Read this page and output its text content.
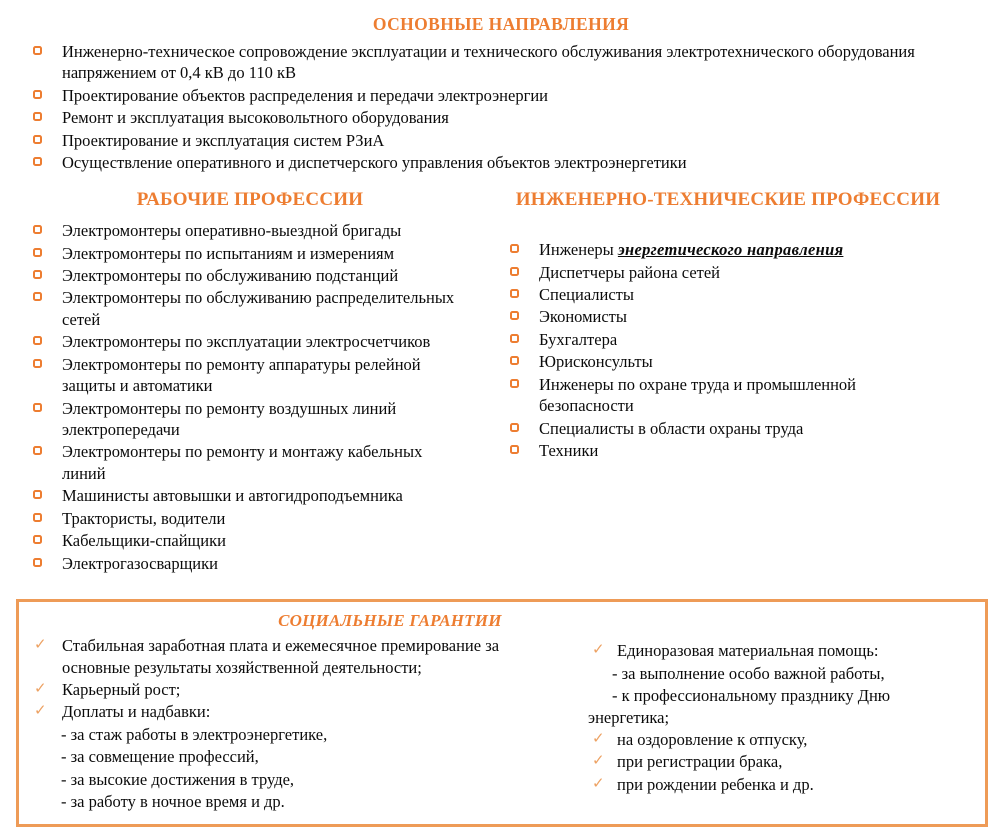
ОСНОВНЫЕ НАПРАВЛЕНИЯ
Инженерно-техническое сопровождение эксплуатации и технического обслуживания электротехнического оборудования напряжением от 0,4 кВ до 110 кВ
Проектирование объектов распределения и передачи электроэнергии
Ремонт и эксплуатация высоковольтного оборудования
Проектирование и эксплуатация систем РЗиА
Осуществление оперативного и диспетчерского управления объектов электроэнергетики
РАБОЧИЕ ПРОФЕССИИ
Электромонтеры оперативно-выездной бригады
Электромонтеры по испытаниям и измерениям
Электромонтеры по обслуживанию подстанций
Электромонтеры по обслуживанию распределительных сетей
Электромонтеры по эксплуатации электросчетчиков
Электромонтеры по ремонту аппаратуры релейной защиты и автоматики
Электромонтеры по ремонту воздушных линий электропередачи
Электромонтеры по ремонту и монтажу кабельных линий
Машинисты автовышки и автогидроподъемника
Трактористы, водители
Кабельщики-спайщики
Электрогазосварщики
ИНЖЕНЕРНО-ТЕХНИЧЕСКИЕ ПРОФЕССИИ
Инженеры энергетического направления
Диспетчеры района сетей
Специалисты
Экономисты
Бухгалтера
Юрисконсульты
Инженеры по охране труда и промышленной безопасности
Специалисты в области охраны труда
Техники
СОЦИАЛЬНЫЕ ГАРАНТИИ
✓ Стабильная заработная плата и ежемесячное премирование за основные результаты хозяйственной деятельности;
✓ Карьерный рост;
✓ Доплаты и надбавки:
- за стаж работы в электроэнергетике,
- за совмещение профессий,
- за высокие достижения в труде,
- за работу в ночное время и др.
✓ Единоразовая материальная помощь:
- за выполнение особо важной работы,
- к профессиональному празднику Дню
энергетика;
✓ на оздоровление к отпуску,
✓ при регистрации брака,
✓ при рождении ребенка и др.
